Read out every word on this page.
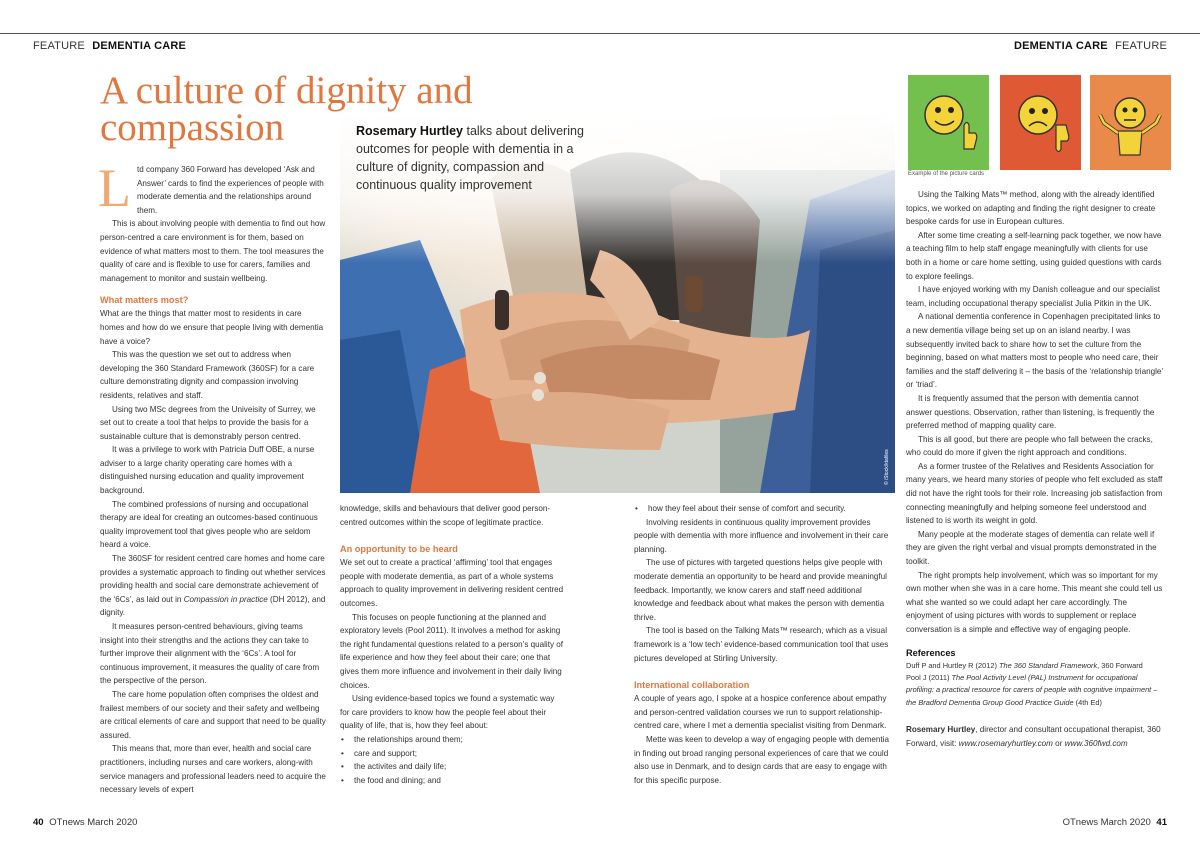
FEATURE DEMENTIA CARE	DEMENTIA CARE FEATURE
© iStock/ktafiles
A culture of dignity and
compassion	Rosemary Hurtley talks about delivering outcomes for people with dementia in a culture of dignity, compassion and continuous quality improvement

Ltd company 360 Forward has developed ‘Ask and Answer’ cards to find the experiences of people with moderate dementia and the relationships around them.

This is about involving people with dementia to find out how person-centred a care environment is for them, based on evidence of what matters most to them. The tool measures the quality of care and is flexible to use for carers, families and management to monitor and sustain wellbeing.

What matters most?

What are the things that matter most to residents in care homes and how do we ensure that people living with dementia have a voice?

This was the question we set out to address when developing the 360 Standard Framework (360SF) for a care culture demonstrating dignity and compassion involving residents, relatives and staff.

Using two MSc degrees from the Univeisity of Surrey, we set out to create a tool that helps to provide the basis for a sustainable culture that is demonstrably person centred.

It was a privilege to work with Patricia Duff OBE, a nurse adviser to a large charity operating care homes with a distinguished nursing education and quality improvement background.

The combined professions of nursing and occupational therapy are ideal for creating an outcomes-based continuous quality improvement tool that gives people who are seldom heard a voice.

The 360SF for resident centred care homes and home care provides a systematic approach to finding out whether services providing health and social care demonstrate achievement of the ‘6Cs’, as laid out in Compassion in practice (DH 2012), and dignity.

It measures person-centred behaviours, giving teams insight into their strengths and the actions they can take to further improve their alignment with the ‘6Cs’. A tool for continuous improvement, it measures the quality of care from the perspective of the person.

The care home population often comprises the oldest and frailest members of our society and their safety and wellbeing are critical elements of care and support that need to be quality assured.

This means that, more than ever, health and social care practitioners, including nurses and care workers, along-with service managers and professional leaders need to acquire the necessary levels of expert

knowledge, skills and behaviours that deliver good person-centred outcomes within the scope of legitimate practice.

An opportunity to be heard

We set out to create a practical ‘affirming’ tool that engages people with moderate dementia, as part of a whole systems approach to quality improvement in delivering resident centred outcomes.

This focuses on people functioning at the planned and exploratory levels (Pool 2011). It involves a method for asking the right fundamental questions related to a person’s quality of life experience and how they feel about their care; one that gives them more influence and involvement in their daily living choices.

Using evidence-based topics we found a systematic way for care providers to know how the people feel about their quality of life, that is, how they feel about:

• the relationships around them;
• care and support;
• the activites and daily life;
• the food and dining; and
• how they feel about their sense of comfort and security.

Involving residents in continuous quality improvement provides people with dementia with more influence and involvement in their care planning.

The use of pictures with targeted questions helps give people with moderate dementia an opportunity to be heard and provide meaningful feedback. Importantly, we know carers and staff need additional knowledge and feedback about what makes the person with dementia thrive.

The tool is based on the Talking Mats™ research, which as a visual framework is a ‘low tech’ evidence-based communication tool that uses pictures developed at Stirling University.

International collaboration

A couple of years ago, I spoke at a hospice conference about empathy and person-centred validation courses we run to support relationship-centred care, where I met a dementia specialist visiting from Denmark.

Mette was keen to develop a way of engaging people with dementia in finding out broad ranging personal experiences of care that we could also use in Denmark, and to design cards that are easy to engage with for this specific purpose.

Example of the picture cards

Using the Talking Mats™ method, along with the already identified topics, we worked on adapting and finding the right designer to create bespoke cards for use in European cultures.

After some time creating a self-learning pack together, we now have a teaching film to help staff engage meaningfully with clients for use both in a home or care home setting, using guided questions with cards to explore feelings.

I have enjoyed working with my Danish colleague and our specialist team, including occupational therapy specialist Julia Pitkin in the UK.

A national dementia conference in Copenhagen precipitated links to a new dementia village being set up on an island nearby. I was subsequently invited back to share how to set the culture from the beginning, based on what matters most to people who need care, their families and the staff delivering it – the basis of the ‘relationship triangle’ or ‘triad’.

It is frequently assumed that the person with dementia cannot answer questions. Observation, rather than listening, is frequently the preferred method of mapping quality care.

This is all good, but there are people who fall between the cracks, who could do more if given the right approach and conditions.

As a former trustee of the Relatives and Residents Association for many years, we heard many stories of people who felt excluded as staff did not have the right tools for their role. Increasing job satisfaction from connecting meaningfully and helping someone feel understood and listened to is worth its weight in gold.

Many people at the moderate stages of dementia can relate well if they are given the right verbal and visual prompts demonstrated in the toolkit.

The right prompts help involvement, which was so important for my own mother when she was in a care home. This meant she could tell us what she wanted so we could adapt her care accordingly. The enjoyment of using pictures with words to supplement or replace conversation is a simple and effective way of engaging people.

References

Duff P and Hurtley R (2012) The 360 Standard Framework, 360 Forward

Pool J (2011) The Pool Activity Level (PAL) Instrument for occupational profiling: a practical resource for carers of people with cognitive impairment – the Bradford Dementia Group Good Practice Guide (4th Ed)

Rosemary Hurtley, director and consultant occupational therapist, 360 Forward, visit: www.rosemaryhurtley.com or www.360fwd.com

40 OTnews March 2020	OTnews March 2020 41
